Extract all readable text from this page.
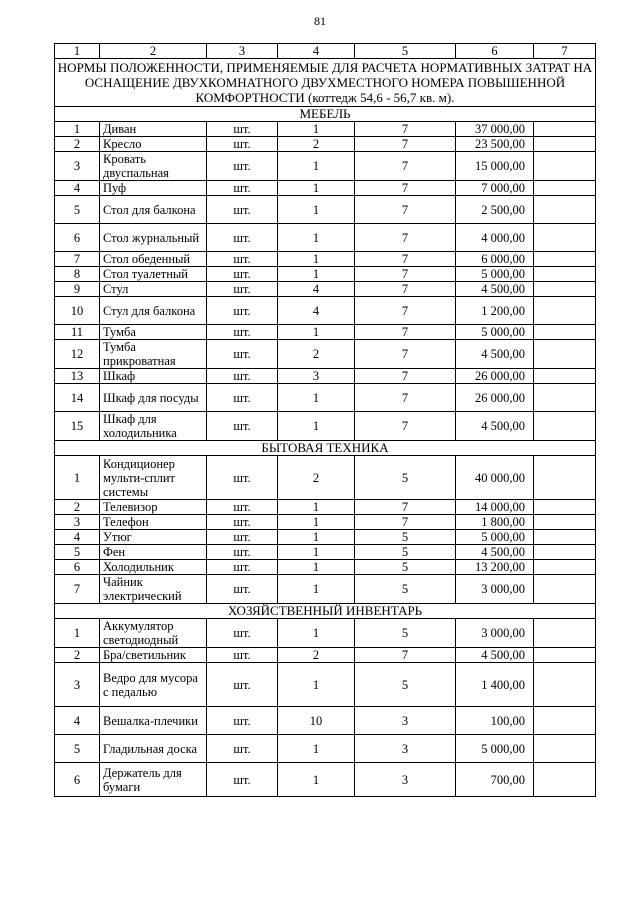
81
1	2	3	4	5	6	7
НОРМЫ ПОЛОЖЕННОСТИ, ПРИМЕНЯЕМЫЕ ДЛЯ РАСЧЕТА НОРМАТИВНЫХ ЗАТРАТ НА ОСНАЩЕНИЕ ДВУХКОМНАТНОГО ДВУХМЕСТНОГО НОМЕРА ПОВЫШЕННОЙ КОМФОРТНОСТИ (коттедж 54,6 - 56,7 кв. м).						
МЕБЕЛЬ						
1	Диван	шт.	1	7	37 000,00	
2	Кресло	шт.	2	7	23 500,00	
3	Кровать двуспальная	шт.	1	7	15 000,00	
4	Пуф	шт.	1	7	7 000,00	
5	Стол для балкона	шт.	1	7	2 500,00	
6	Стол журнальный	шт.	1	7	4 000,00	
7	Стол обеденный	шт.	1	7	6 000,00	
8	Стол туалетный	шт.	1	7	5 000,00	
9	Стул	шт.	4	7	4 500,00	
10	Стул для балкона	шт.	4	7	1 200,00	
11	Тумба	шт.	1	7	5 000,00	
12	Тумба прикроватная	шт.	2	7	4 500,00	
13	Шкаф	шт.	3	7	26 000,00	
14	Шкаф для посуды	шт.	1	7	26 000,00	
15	Шкаф для холодильника	шт.	1	7	4 500,00	
БЫТОВАЯ ТЕХНИКА						
1	Кондиционер мульти-сплит системы	шт.	2	5	40 000,00	
2	Телевизор	шт.	1	7	14 000,00	
3	Телефон	шт.	1	7	1 800,00	
4	Утюг	шт.	1	5	5 000,00	
5	Фен	шт.	1	5	4 500,00	
6	Холодильник	шт.	1	5	13 200,00	
7	Чайник электрический	шт.	1	5	3 000,00	
ХОЗЯЙСТВЕННЫЙ ИНВЕНТАРЬ						
1	Аккумулятор светодиодный	шт.	1	5	3 000,00	
2	Бра/светильник	шт.	2	7	4 500,00	
3	Ведро для мусора с педалью	шт.	1	5	1 400,00	
4	Вешалка-плечики	шт.	10	3	100,00	
5	Гладильная доска	шт.	1	3	5 000,00	
6	Держатель для бумаги	шт.	1	3	700,00	
